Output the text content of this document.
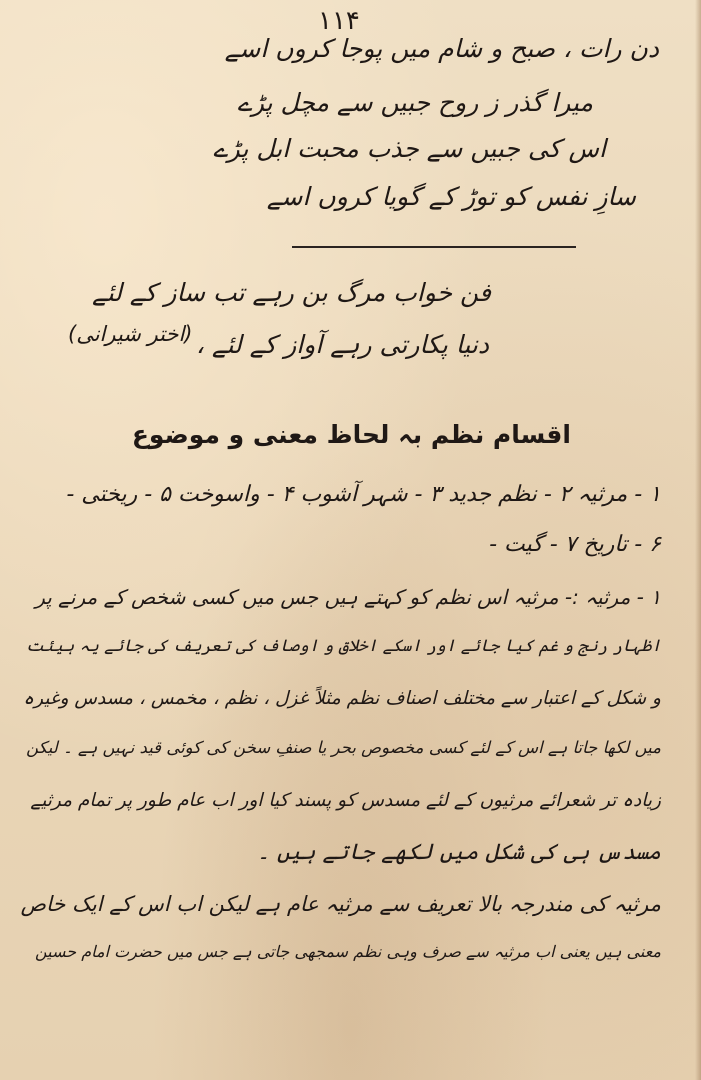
۱۱۴
دن رات ، صبح و شام میں پوجا کروں اسے
میرا گذر ز روح جبیں سے مچل پڑے
اس کی جبیں سے جذب محبت ابل پڑے
سازِ نفس کو توڑ کے گویا کروں اسے
فن خواب مرگ بن رہے تب ساز کے لئے
دنیا پکارتی رہے آواز کے لئے ،
(اختر شیرانی)
اقسام نظم بہ لحاظ معنی و موضوع
۱ - مرثیہ ۲ - نظم جدید ۳ - شہر آشوب ۴ - واسوخت ۵ - ریختی -
۶ - تاریخ ۷ - گیت -
۱ - مرثیہ :- مرثیہ اس نظم کو کہتے ہیں جس میں کسی شخص کے مرنے پر
اظہار رنج و غم کیا جائے اور اسکے اخلاق و اوصاف کی تعریف کی جائے یہ ہیئت
و شکل کے اعتبار سے مختلف اصناف نظم مثلاً غزل ، نظم ، مخمس ، مسدس وغیرہ
میں لکھا جاتا ہے اس کے لئے کسی مخصوص بحر یا صنفِ سخن کی کوئی قید نہیں ہے ۔ لیکن
زیادہ تر شعرائے مرثیوں کے لئے مسدس کو پسند کیا اور اب عام طور پر تمام مرثیے
مسدس ہی کی شکل میں لکھے جاتے ہیں ۔
مرثیہ کی مندرجہ بالا تعریف سے مرثیہ عام ہے لیکن اب اس کے ایک خاص
معنی ہیں یعنی اب مرثیہ سے صرف وہی نظم سمجھی جاتی ہے جس میں حضرت امام حسین
